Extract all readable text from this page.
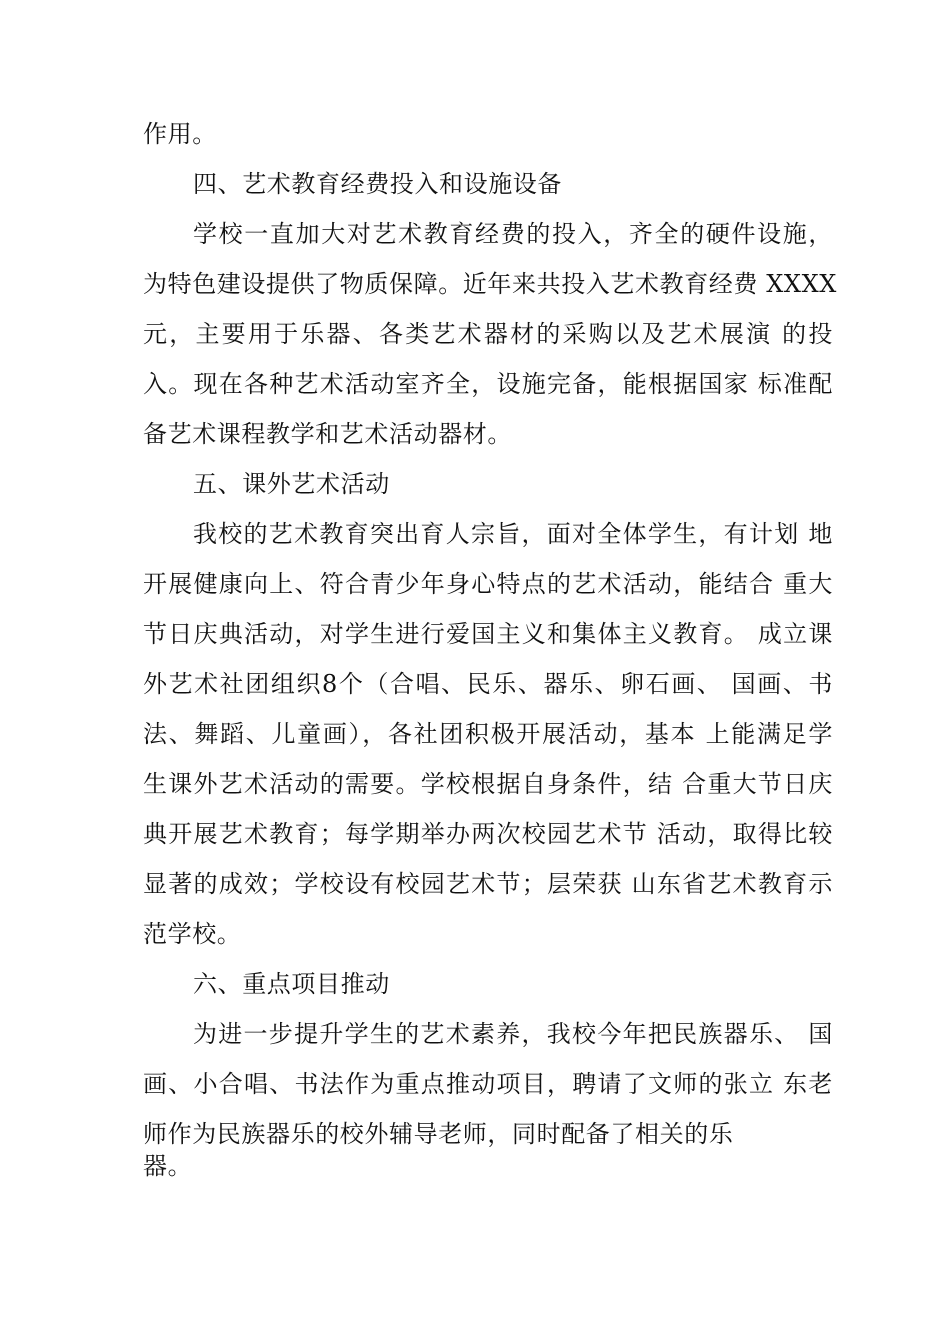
作用。
四、艺术教育经费投入和设施设备
学校一直加大对艺术教育经费的投入，齐全的硬件设施，
为特色建设提供了物质保障。近年来共投入艺术教育经费 XXXX
元，主要用于乐器、各类艺术器材的采购以及艺术展演 的投
入。现在各种艺术活动室齐全，设施完备，能根据国家 标准配
备艺术课程教学和艺术活动器材。
五、课外艺术活动
我校的艺术教育突出育人宗旨，面对全体学生，有计划 地
开展健康向上、符合青少年身心特点的艺术活动，能结合 重大
节日庆典活动，对学生进行爱国主义和集体主义教育。 成立课
外艺术社团组织8个（合唱、民乐、器乐、卵石画、 国画、书
法、舞蹈、儿童画），各社团积极开展活动，基本 上能满足学
生课外艺术活动的需要。学校根据自身条件，结 合重大节日庆
典开展艺术教育；每学期举办两次校园艺术节 活动，取得比较
显著的成效；学校设有校园艺术节；层荣获 山东省艺术教育示
范学校。
六、重点项目推动
为进一步提升学生的艺术素养，我校今年把民族器乐、 国
画、小合唱、书法作为重点推动项目，聘请了文师的张立 东老
师作为民族器乐的校外辅导老师，同时配备了相关的乐
器。
